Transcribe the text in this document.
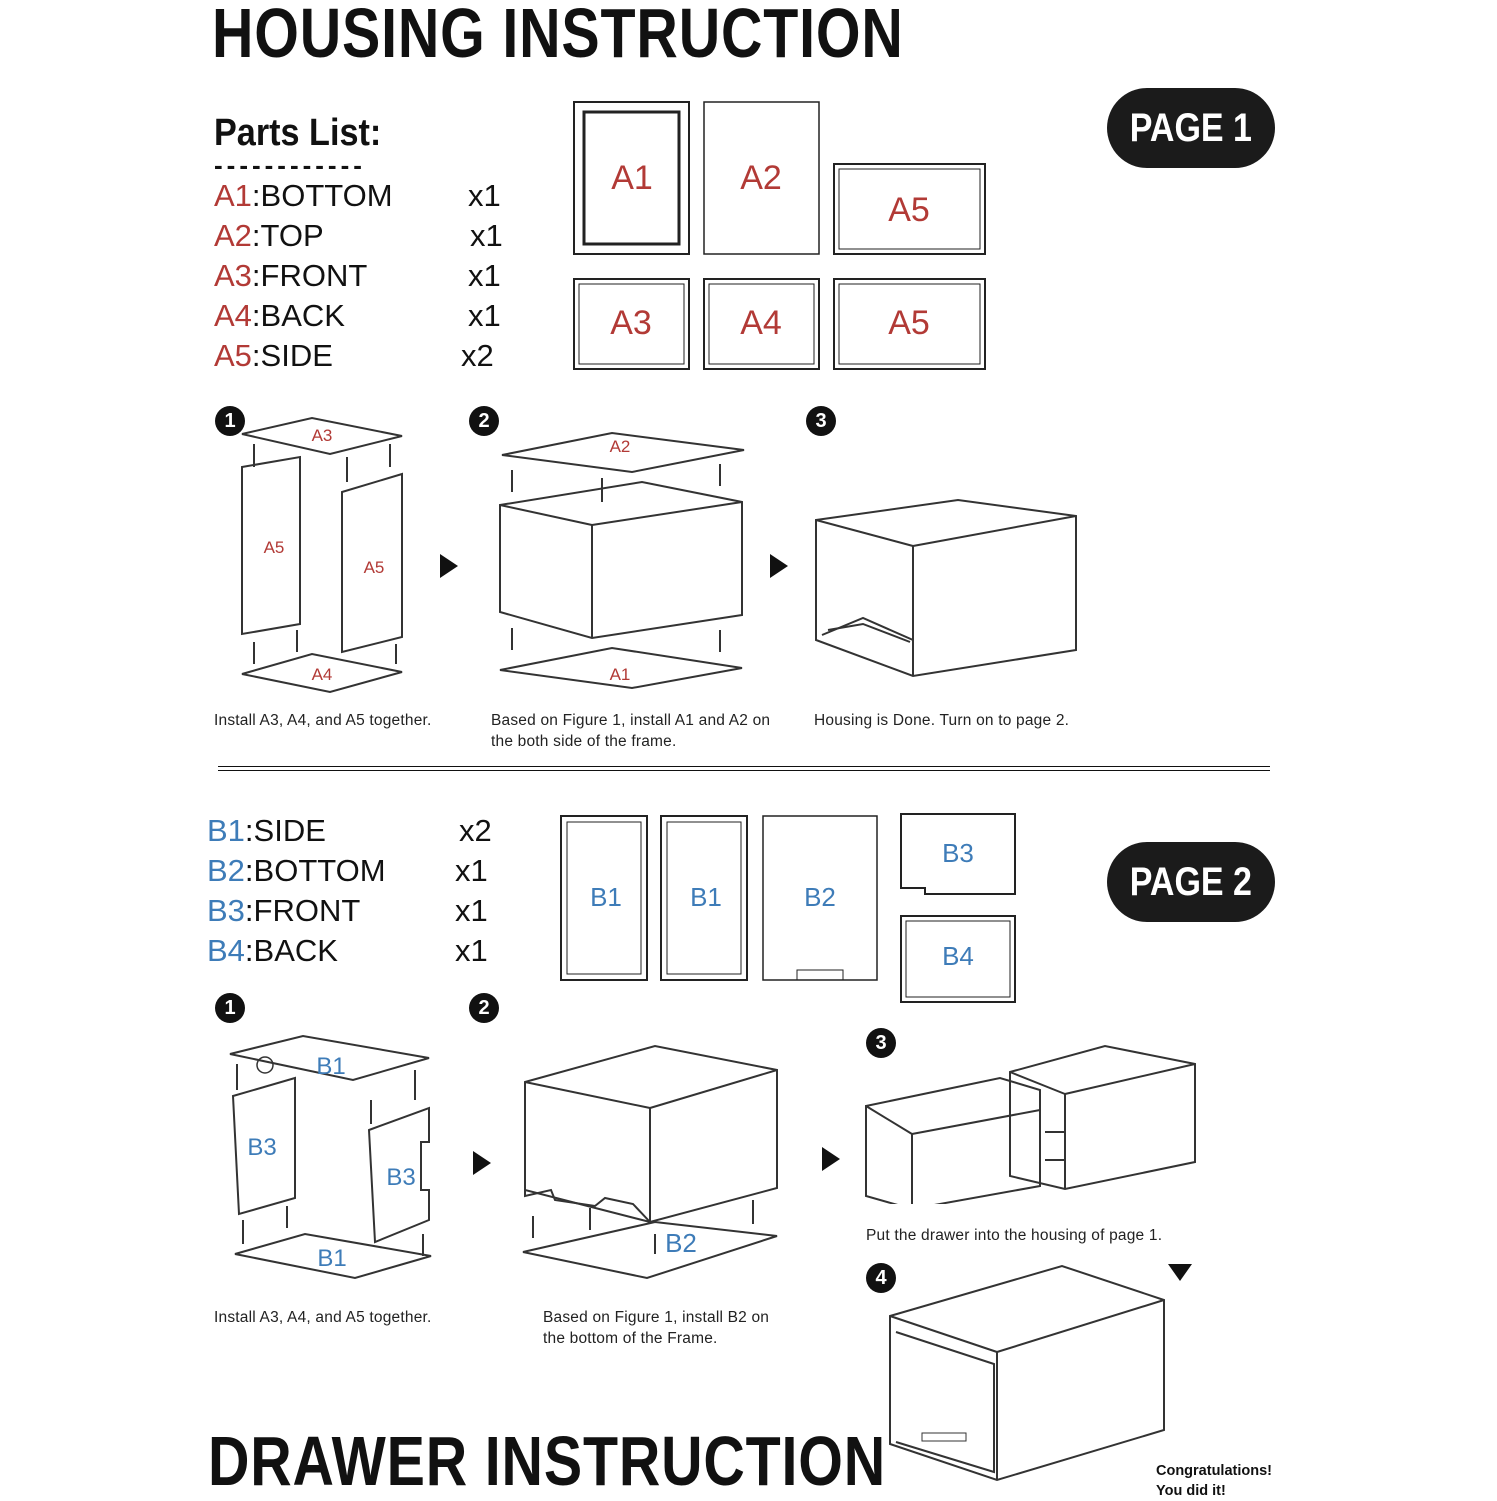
HOUSING INSTRUCTION
Parts List:
------------
A1:BOTTOM x1
A2:TOP	x1
A3:FRONT	x1
A4:BACK	x1
A5:SIDE	x2
A1	A2
A5
A3	A4	A5
PAGE 1
1	2	3
A3
A5
A5
A4
A2
A1
Install A3, A4, and A5 together.	Based on Figure 1, install A1 and A2 on the both side of the frame.
Housing is Done. Turn on to page 2.
B1:SIDE	x2
B2:BOTTOM x1
B3:FRONT	x1
B4:BACK	x1
B1	B1	B2
B3
B4
PAGE 2
1	2
3
4
B1
B3
B3
B1
B2	Put the drawer into the housing of page 1.
Install A3, A4, and A5 together.	Based on Figure 1, install B2 on the bottom of the Frame.
DRAWER INSTRUCTION	Congratulations!
You did it!
